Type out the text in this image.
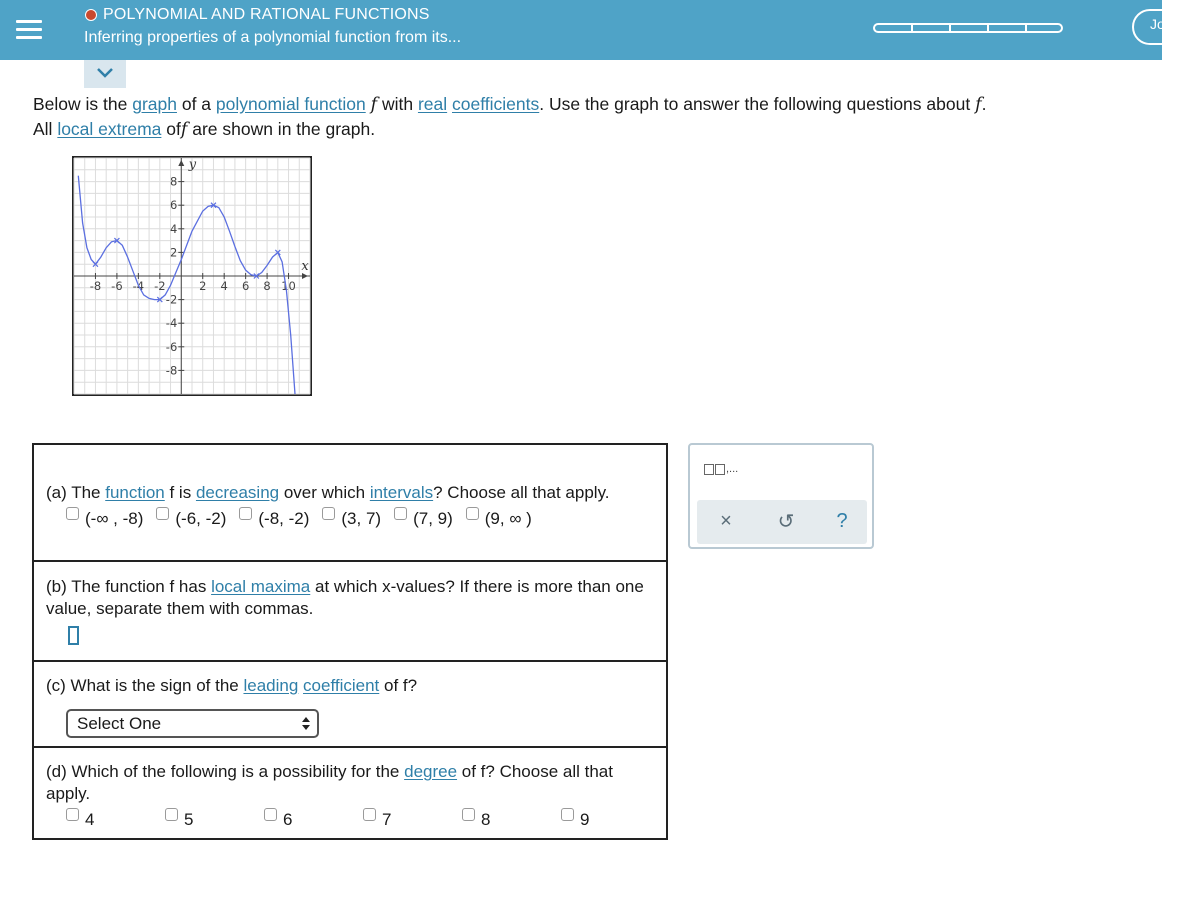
POLYNOMIAL AND RATIONAL FUNCTIONS
Inferring properties of a polynomial function from its...
Jo
Below is the graph of a polynomial function f with real coefficients. Use the graph to answer the following questions about f.
All local extrema off are shown in the graph.
x
y
-8 -6 -4 -2	2 4 6 8 10
8
6
4
2
-2
-4
-6
-8
(a) The function f is decreasing over which intervals? Choose all that apply.
(-∞ , -8) (-6, -2) (-8, -2) (3, 7) (7, 9) (9, ∞ )
(b) The function f has local maxima at which x-values? If there is more than one value, separate them with commas.
(c) What is the sign of the leading coefficient of f?
Select One
(d) Which of the following is a possibility for the degree of f? Choose all that apply.
4	5	6	7	8	9
,...
× ↺ ?
